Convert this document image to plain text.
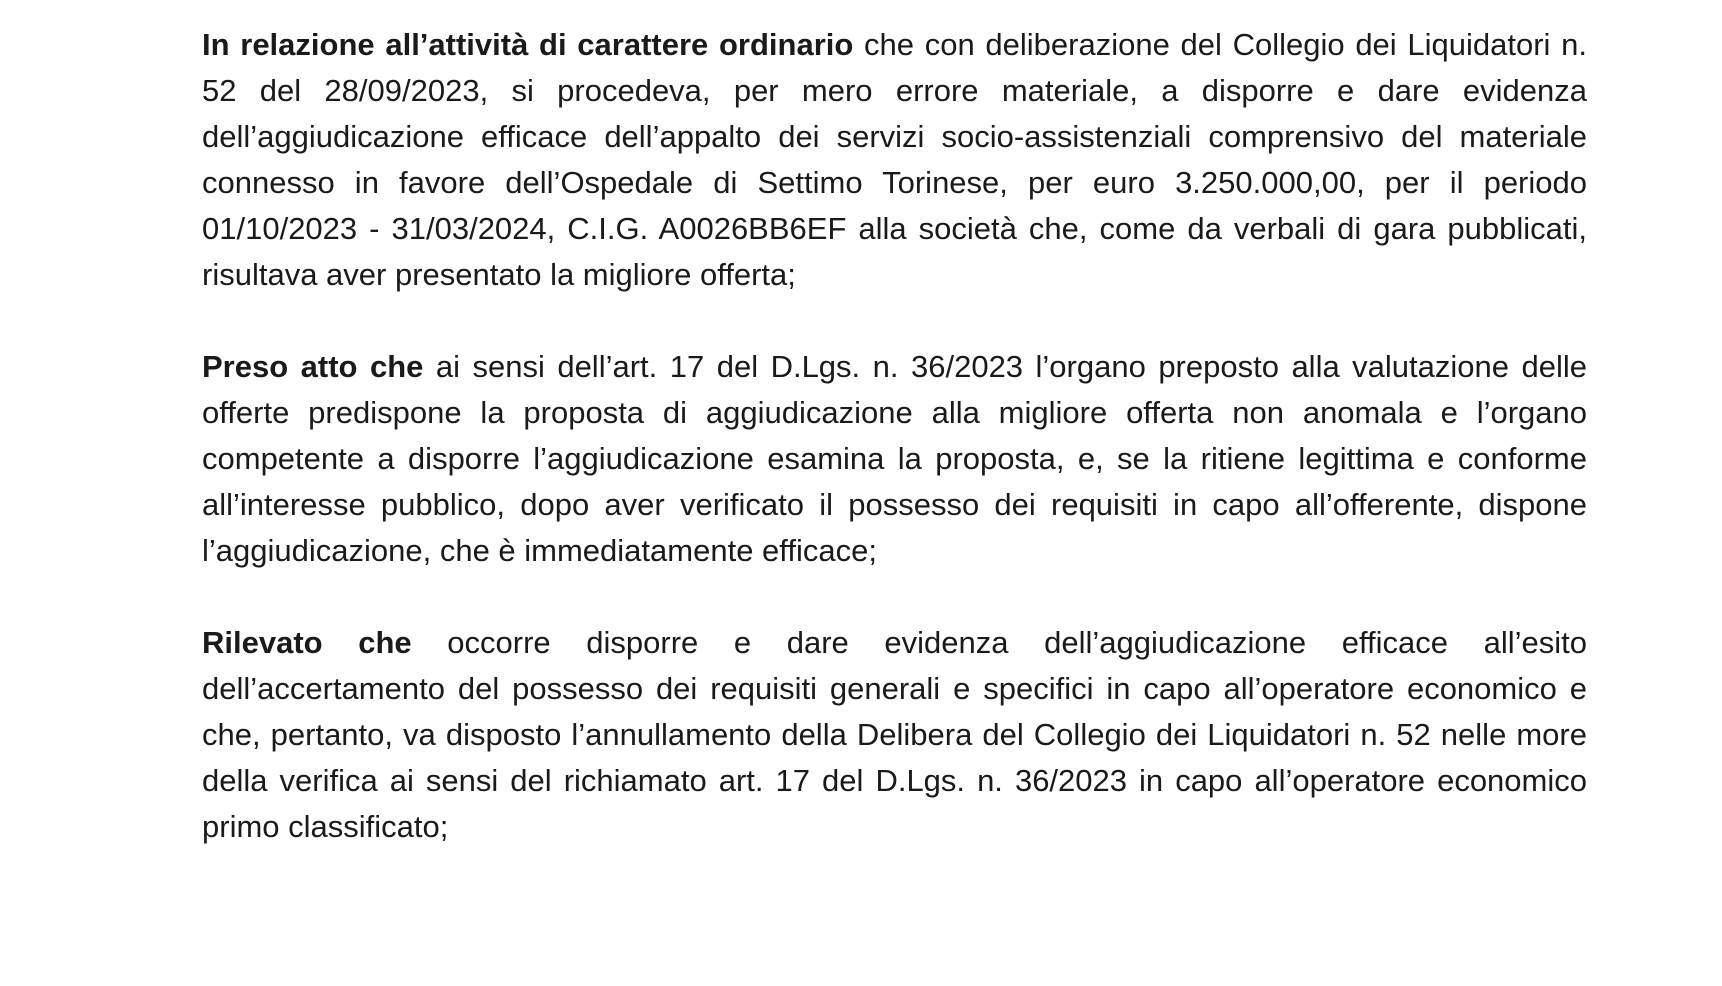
In relazione all’attività di carattere ordinario che con deliberazione del Collegio dei Liquidatori n. 52 del 28/09/2023, si procedeva, per mero errore materiale, a disporre e dare evidenza dell’aggiudicazione efficace dell’appalto dei servizi socio-assistenziali comprensivo del materiale connesso in favore dell’Ospedale di Settimo Torinese, per euro 3.250.000,00, per il periodo 01/10/2023 - 31/03/2024, C.I.G. A0026BB6EF alla società che, come da verbali di gara pubblicati, risultava aver presentato la migliore offerta;

Preso atto che ai sensi dell’art. 17 del D.Lgs. n. 36/2023 l’organo preposto alla valutazione delle offerte predispone la proposta di aggiudicazione alla migliore offerta non anomala e l’organo competente a disporre l’aggiudicazione esamina la proposta, e, se la ritiene legittima e conforme all’interesse pubblico, dopo aver verificato il possesso dei requisiti in capo all’offerente, dispone l’aggiudicazione, che è immediatamente efficace;

Rilevato che occorre disporre e dare evidenza dell’aggiudicazione efficace all’esito dell’accertamento del possesso dei requisiti generali e specifici in capo all’operatore economico e che, pertanto, va disposto l’annullamento della Delibera del Collegio dei Liquidatori n. 52 nelle more della verifica ai sensi del richiamato art. 17 del D.Lgs. n. 36/2023 in capo all’operatore economico primo classificato;
